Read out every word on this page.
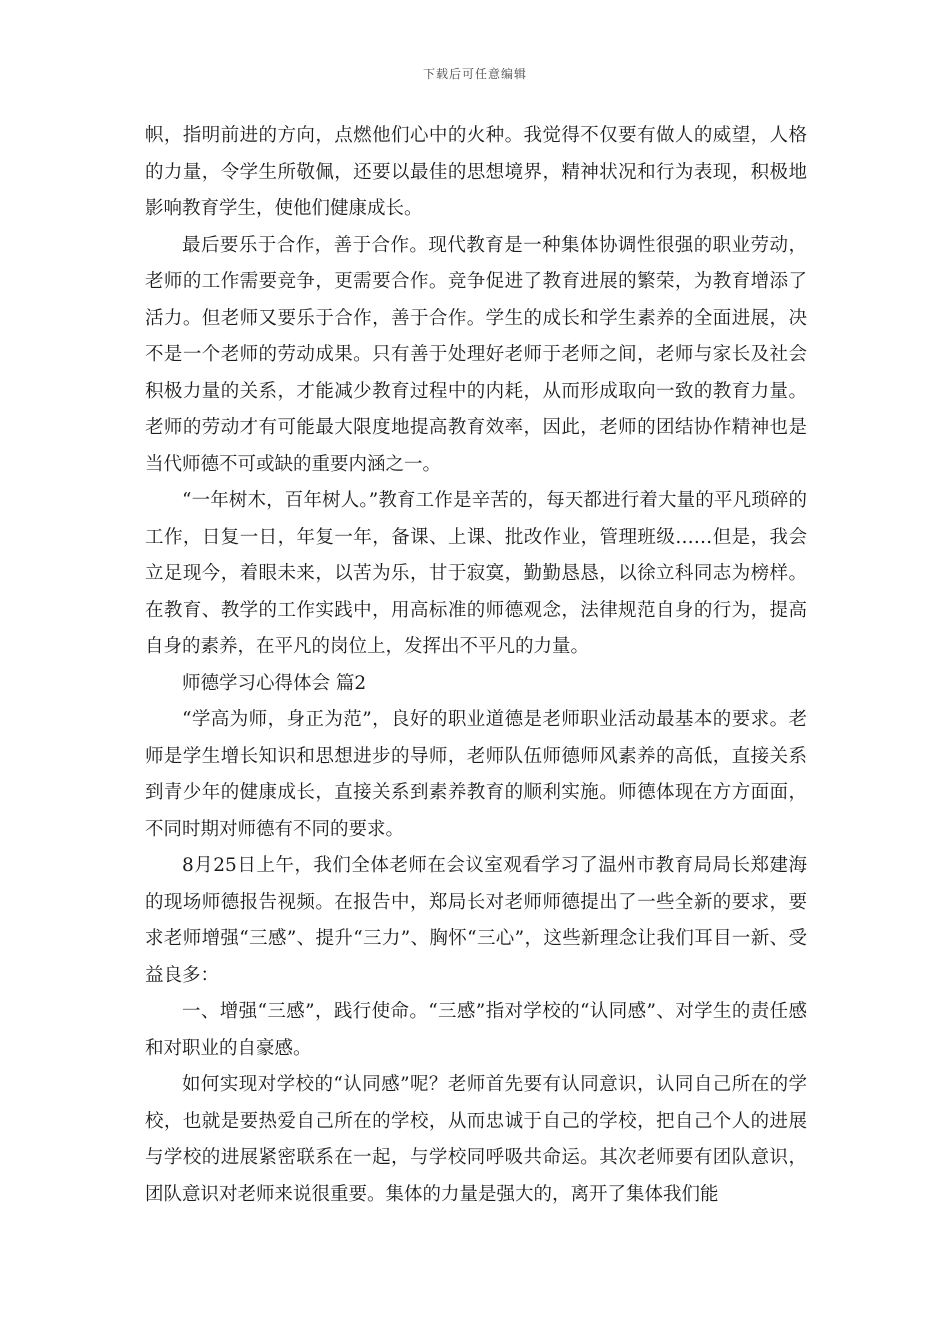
下载后可任意编辑

帜，指明前进的方向，点燃他们心中的火种。我觉得不仅要有做人的威望，人格的力量，令学生所敬佩，还要以最佳的思想境界，精神状况和行为表现，积极地影响教育学生，使他们健康成长。

最后要乐于合作，善于合作。现代教育是一种集体协调性很强的职业劳动，老师的工作需要竞争，更需要合作。竞争促进了教育进展的繁荣，为教育增添了活力。但老师又要乐于合作，善于合作。学生的成长和学生素养的全面进展，决不是一个老师的劳动成果。只有善于处理好老师于老师之间，老师与家长及社会积极力量的关系，才能减少教育过程中的内耗，从而形成取向一致的教育力量。老师的劳动才有可能最大限度地提高教育效率，因此，老师的团结协作精神也是当代师德不可或缺的重要内涵之一。

“一年树木，百年树人。”教育工作是辛苦的，每天都进行着大量的平凡琐碎的工作，日复一日，年复一年，备课、上课、批改作业，管理班级……但是，我会立足现今，着眼未来，以苦为乐，甘于寂寞，勤勤恳恳，以徐立科同志为榜样。在教育、教学的工作实践中，用高标准的师德观念，法律规范自身的行为，提高自身的素养，在平凡的岗位上，发挥出不平凡的力量。

师德学习心得体会 篇2

“学高为师，身正为范”，良好的职业道德是老师职业活动最基本的要求。老师是学生增长知识和思想进步的导师，老师队伍师德师风素养的高低，直接关系到青少年的健康成长，直接关系到素养教育的顺利实施。师德体现在方方面面，不同时期对师德有不同的要求。

8月25日上午，我们全体老师在会议室观看学习了温州市教育局局长郑建海的现场师德报告视频。在报告中，郑局长对老师师德提出了一些全新的要求，要求老师增强“三感”、提升“三力”、胸怀“三心”，这些新理念让我们耳目一新、受益良多：

一、增强“三感”，践行使命。“三感”指对学校的“认同感”、对学生的责任感和对职业的自豪感。

如何实现对学校的“认同感”呢？老师首先要有认同意识，认同自己所在的学校，也就是要热爱自己所在的学校，从而忠诚于自己的学校，把自己个人的进展与学校的进展紧密联系在一起，与学校同呼吸共命运。其次老师要有团队意识，团队意识对老师来说很重要。集体的力量是强大的，离开了集体我们能
